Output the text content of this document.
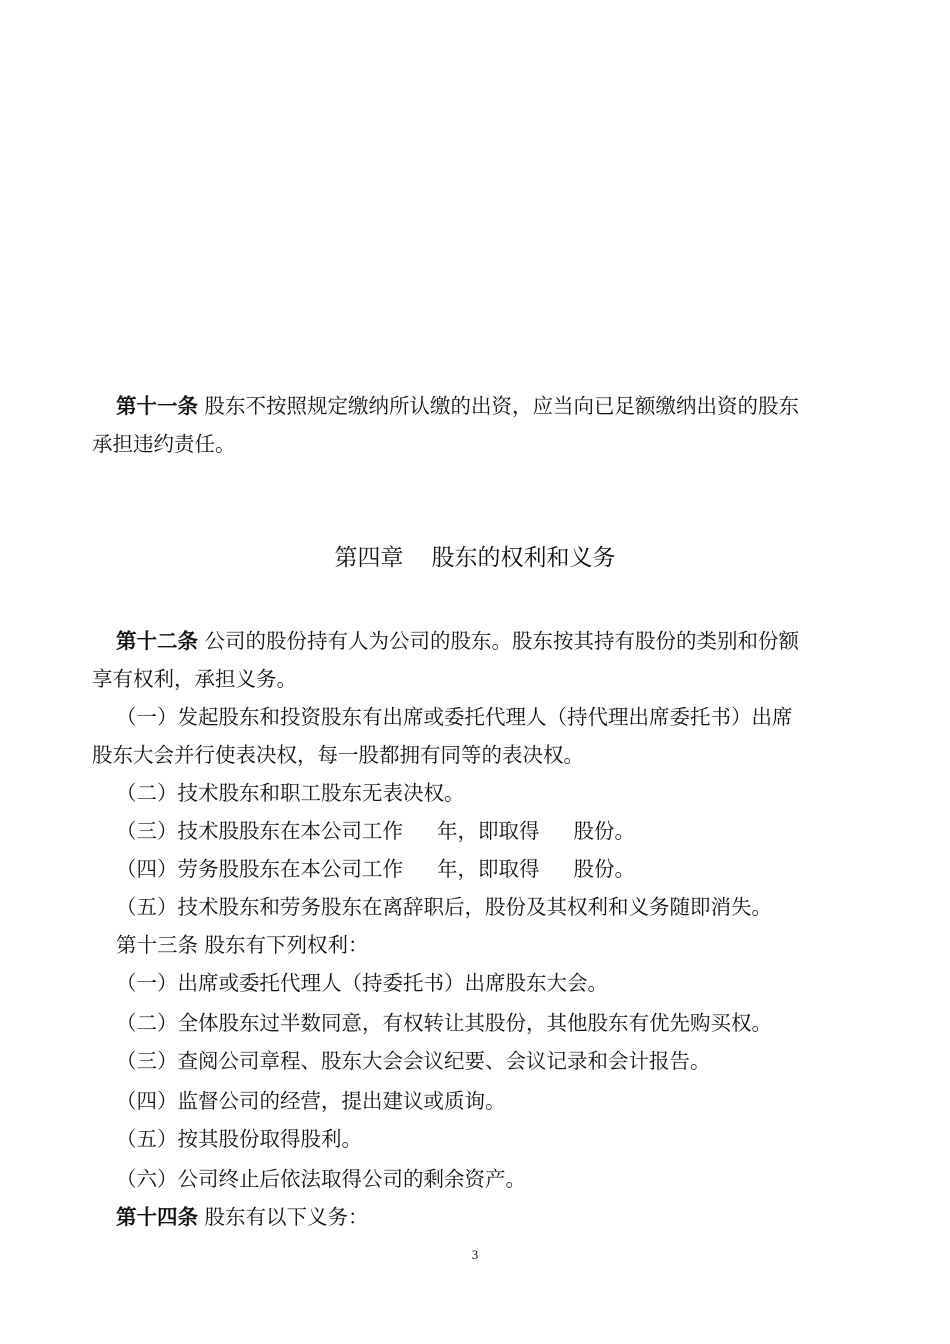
第十一条 股东不按照规定缴纳所认缴的出资，应当向已足额缴纳出资的股东
承担违约责任。
第四章 股东的权利和义务
第十二条 公司的股份持有人为公司的股东。股东按其持有股份的类别和份额
享有权利，承担义务。
（一）发起股东和投资股东有出席或委托代理人（持代理出席委托书）出席
股东大会并行使表决权，每一股都拥有同等的表决权。
（二）技术股东和职工股东无表决权。
（三）技术股股东在本公司工作 年，即取得 股份。
（四）劳务股股东在本公司工作 年，即取得 股份。
（五）技术股东和劳务股东在离辞职后，股份及其权利和义务随即消失。
第十三条 股东有下列权利：
（一）出席或委托代理人（持委托书）出席股东大会。
（二）全体股东过半数同意，有权转让其股份，其他股东有优先购买权。
（三）查阅公司章程、股东大会会议纪要、会议记录和会计报告。
（四）监督公司的经营，提出建议或质询。
（五）按其股份取得股利。
（六）公司终止后依法取得公司的剩余资产。
第十四条 股东有以下义务：
3
